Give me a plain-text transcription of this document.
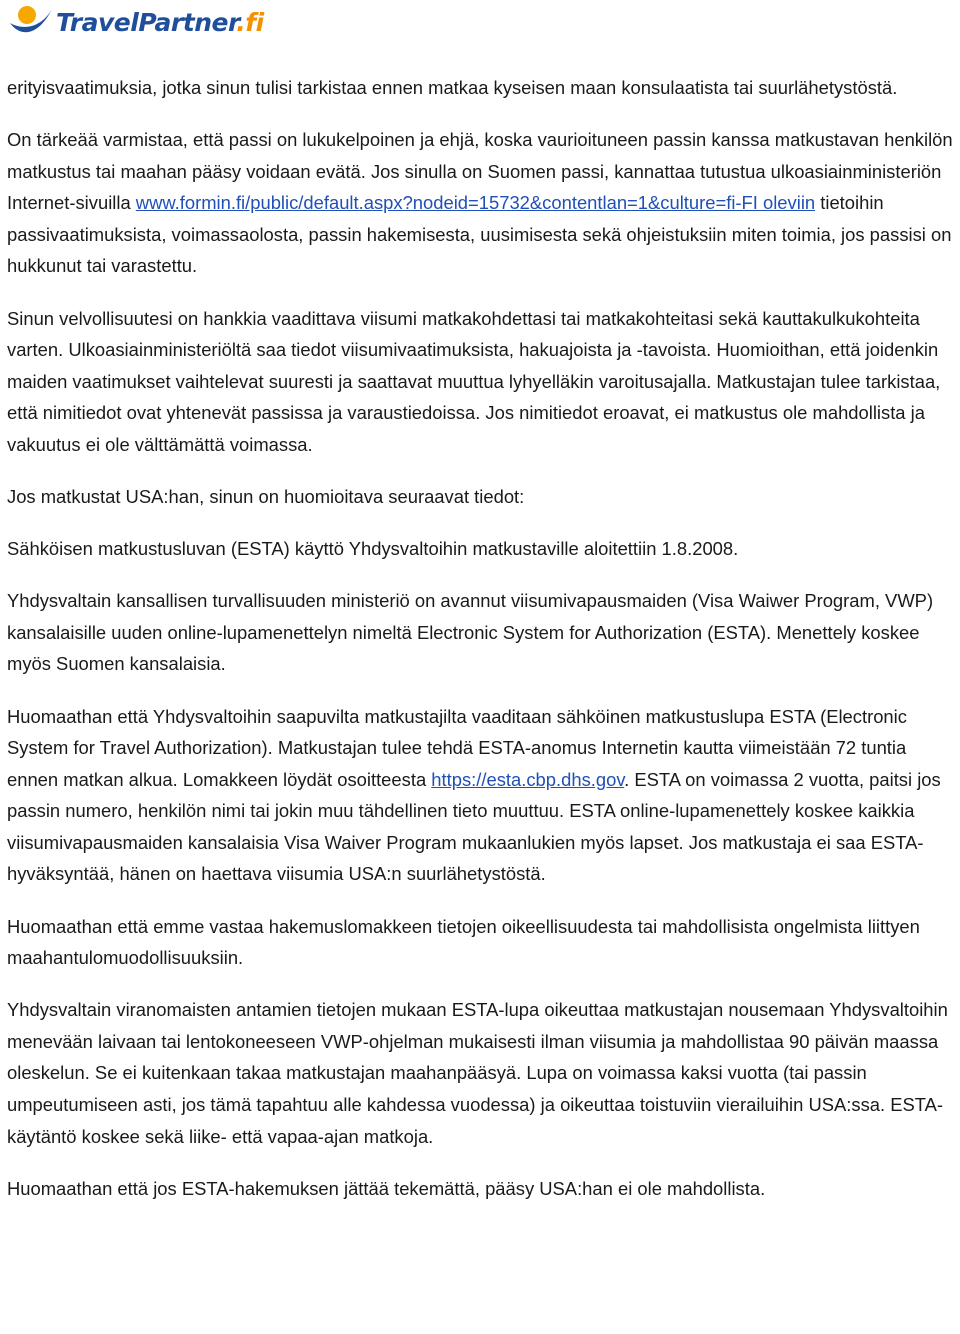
TravelPartner.fi

erityisvaatimuksia, jotka sinun tulisi tarkistaa ennen matkaa kyseisen maan konsulaatista tai suurlähetystöstä.

On tärkeää varmistaa, että passi on lukukelpoinen ja ehjä, koska vaurioituneen passin kanssa matkustavan henkilön matkustus tai maahan pääsy voidaan evätä. Jos sinulla on Suomen passi, kannattaa tutustua ulkoasiainministeriön Internet-sivuilla www.formin.fi/public/default.aspx?nodeid=15732&contentlan=1&culture=fi-FI oleviin tietoihin passivaatimuksista, voimassaolosta, passin hakemisesta, uusimisesta sekä ohjeistuksiin miten toimia, jos passisi on hukkunut tai varastettu.

Sinun velvollisuutesi on hankkia vaadittava viisumi matkakohdettasi tai matkakohteitasi sekä kauttakulkukohteita varten. Ulkoasiainministeriöltä saa tiedot viisumivaatimuksista, hakuajoista ja -tavoista. Huomioithan, että joidenkin maiden vaatimukset vaihtelevat suuresti ja saattavat muuttua lyhyelläkin varoitusajalla. Matkustajan tulee tarkistaa, että nimitiedot ovat yhtenevät passissa ja varaustiedoissa. Jos nimitiedot eroavat, ei matkustus ole mahdollista ja vakuutus ei ole välttämättä voimassa.

Jos matkustat USA:han, sinun on huomioitava seuraavat tiedot:

Sähköisen matkustusluvan (ESTA) käyttö Yhdysvaltoihin matkustaville aloitettiin 1.8.2008.

Yhdysvaltain kansallisen turvallisuuden ministeriö on avannut viisumivapausmaiden (Visa Waiwer Program, VWP) kansalaisille uuden online-lupamenettelyn nimeltä Electronic System for Authorization (ESTA). Menettely koskee myös Suomen kansalaisia.

Huomaathan että Yhdysvaltoihin saapuvilta matkustajilta vaaditaan sähköinen matkustuslupa ESTA (Electronic System for Travel Authorization). Matkustajan tulee tehdä ESTA-anomus Internetin kautta viimeistään 72 tuntia ennen matkan alkua. Lomakkeen löydät osoitteesta https://esta.cbp.dhs.gov. ESTA on voimassa 2 vuotta, paitsi jos passin numero, henkilön nimi tai jokin muu tähdellinen tieto muuttuu. ESTA online-lupamenettely koskee kaikkia viisumivapausmaiden kansalaisia Visa Waiver Program mukaanlukien myös lapset. Jos matkustaja ei saa ESTA-hyväksyntää, hänen on haettava viisumia USA:n suurlähetystöstä.

Huomaathan että emme vastaa hakemuslomakkeen tietojen oikeellisuudesta tai mahdollisista ongelmista liittyen maahantulomuodollisuuksiin.

Yhdysvaltain viranomaisten antamien tietojen mukaan ESTA-lupa oikeuttaa matkustajan nousemaan Yhdysvaltoihin menevään laivaan tai lentokoneeseen VWP-ohjelman mukaisesti ilman viisumia ja mahdollistaa 90 päivän maassa oleskelun. Se ei kuitenkaan takaa matkustajan maahanpääsyä. Lupa on voimassa kaksi vuotta (tai passin umpeutumiseen asti, jos tämä tapahtuu alle kahdessa vuodessa) ja oikeuttaa toistuviin vierailuihin USA:ssa. ESTA-käytäntö koskee sekä liike- että vapaa-ajan matkoja.

Huomaathan että jos ESTA-hakemuksen jättää tekemättä, pääsy USA:han ei ole mahdollista.
